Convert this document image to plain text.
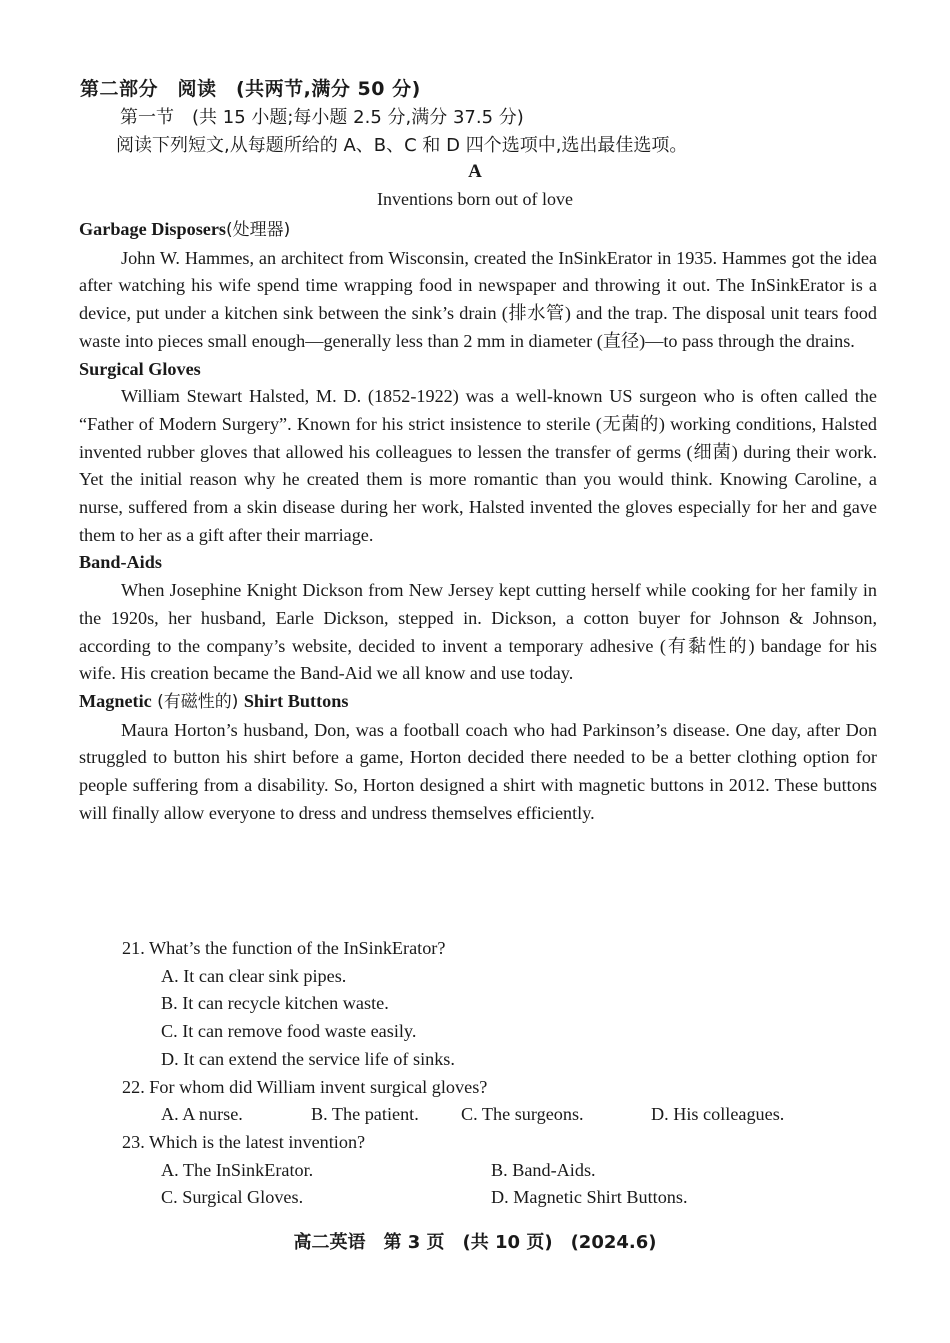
第二部分　阅读　(共两节,满分 50 分)
第一节　(共 15 小题;每小题 2.5 分,满分 37.5 分)
阅读下列短文,从每题所给的 A、B、C 和 D 四个选项中,选出最佳选项。
A
Inventions born out of love

Garbage Disposers(处理器)

John W. Hammes, an architect from Wisconsin, created the InSinkErator in 1935. Hammes got the idea after watching his wife spend time wrapping food in newspaper and throwing it out. The InSinkErator is a device, put under a kitchen sink between the sink’s drain (排水管) and the trap. The disposal unit tears food waste into pieces small enough—generally less than 2 mm in diameter (直径)—to pass through the drains.

Surgical Gloves

William Stewart Halsted, M. D. (1852-1922) was a well-known US surgeon who is often called the “Father of Modern Surgery”. Known for his strict insistence to sterile (无菌的) working conditions, Halsted invented rubber gloves that allowed his colleagues to lessen the transfer of germs (细菌) during their work. Yet the initial reason why he created them is more romantic than you would think. Knowing Caroline, a nurse, suffered from a skin disease during her work, Halsted invented the gloves especially for her and gave them to her as a gift after their marriage.

Band-Aids

When Josephine Knight Dickson from New Jersey kept cutting herself while cooking for her family in the 1920s, her husband, Earle Dickson, stepped in. Dickson, a cotton buyer for Johnson & Johnson, according to the company’s website, decided to invent a temporary adhesive (有黏性的) bandage for his wife. His creation became the Band-Aid we all know and use today.

Magnetic (有磁性的) Shirt Buttons

Maura Horton’s husband, Don, was a football coach who had Parkinson’s disease. One day, after Don struggled to button his shirt before a game, Horton decided there needed to be a better clothing option for people suffering from a disability. So, Horton designed a shirt with magnetic buttons in 2012. These buttons will finally allow everyone to dress and undress themselves efficiently.

21. What’s the function of the InSinkErator?

A. It can clear sink pipes.

B. It can recycle kitchen waste.

C. It can remove food waste easily.

D. It can extend the service life of sinks.

22. For whom did William invent surgical gloves?

A. A nurse.	B. The patient.	C. The surgeons.	D. His colleagues.

23. Which is the latest invention?

A. The InSinkErator.	B. Band-Aids.
C. Surgical Gloves.	D. Magnetic Shirt Buttons.
高二英语　第 3 页　(共 10 页)　(2024.6)
